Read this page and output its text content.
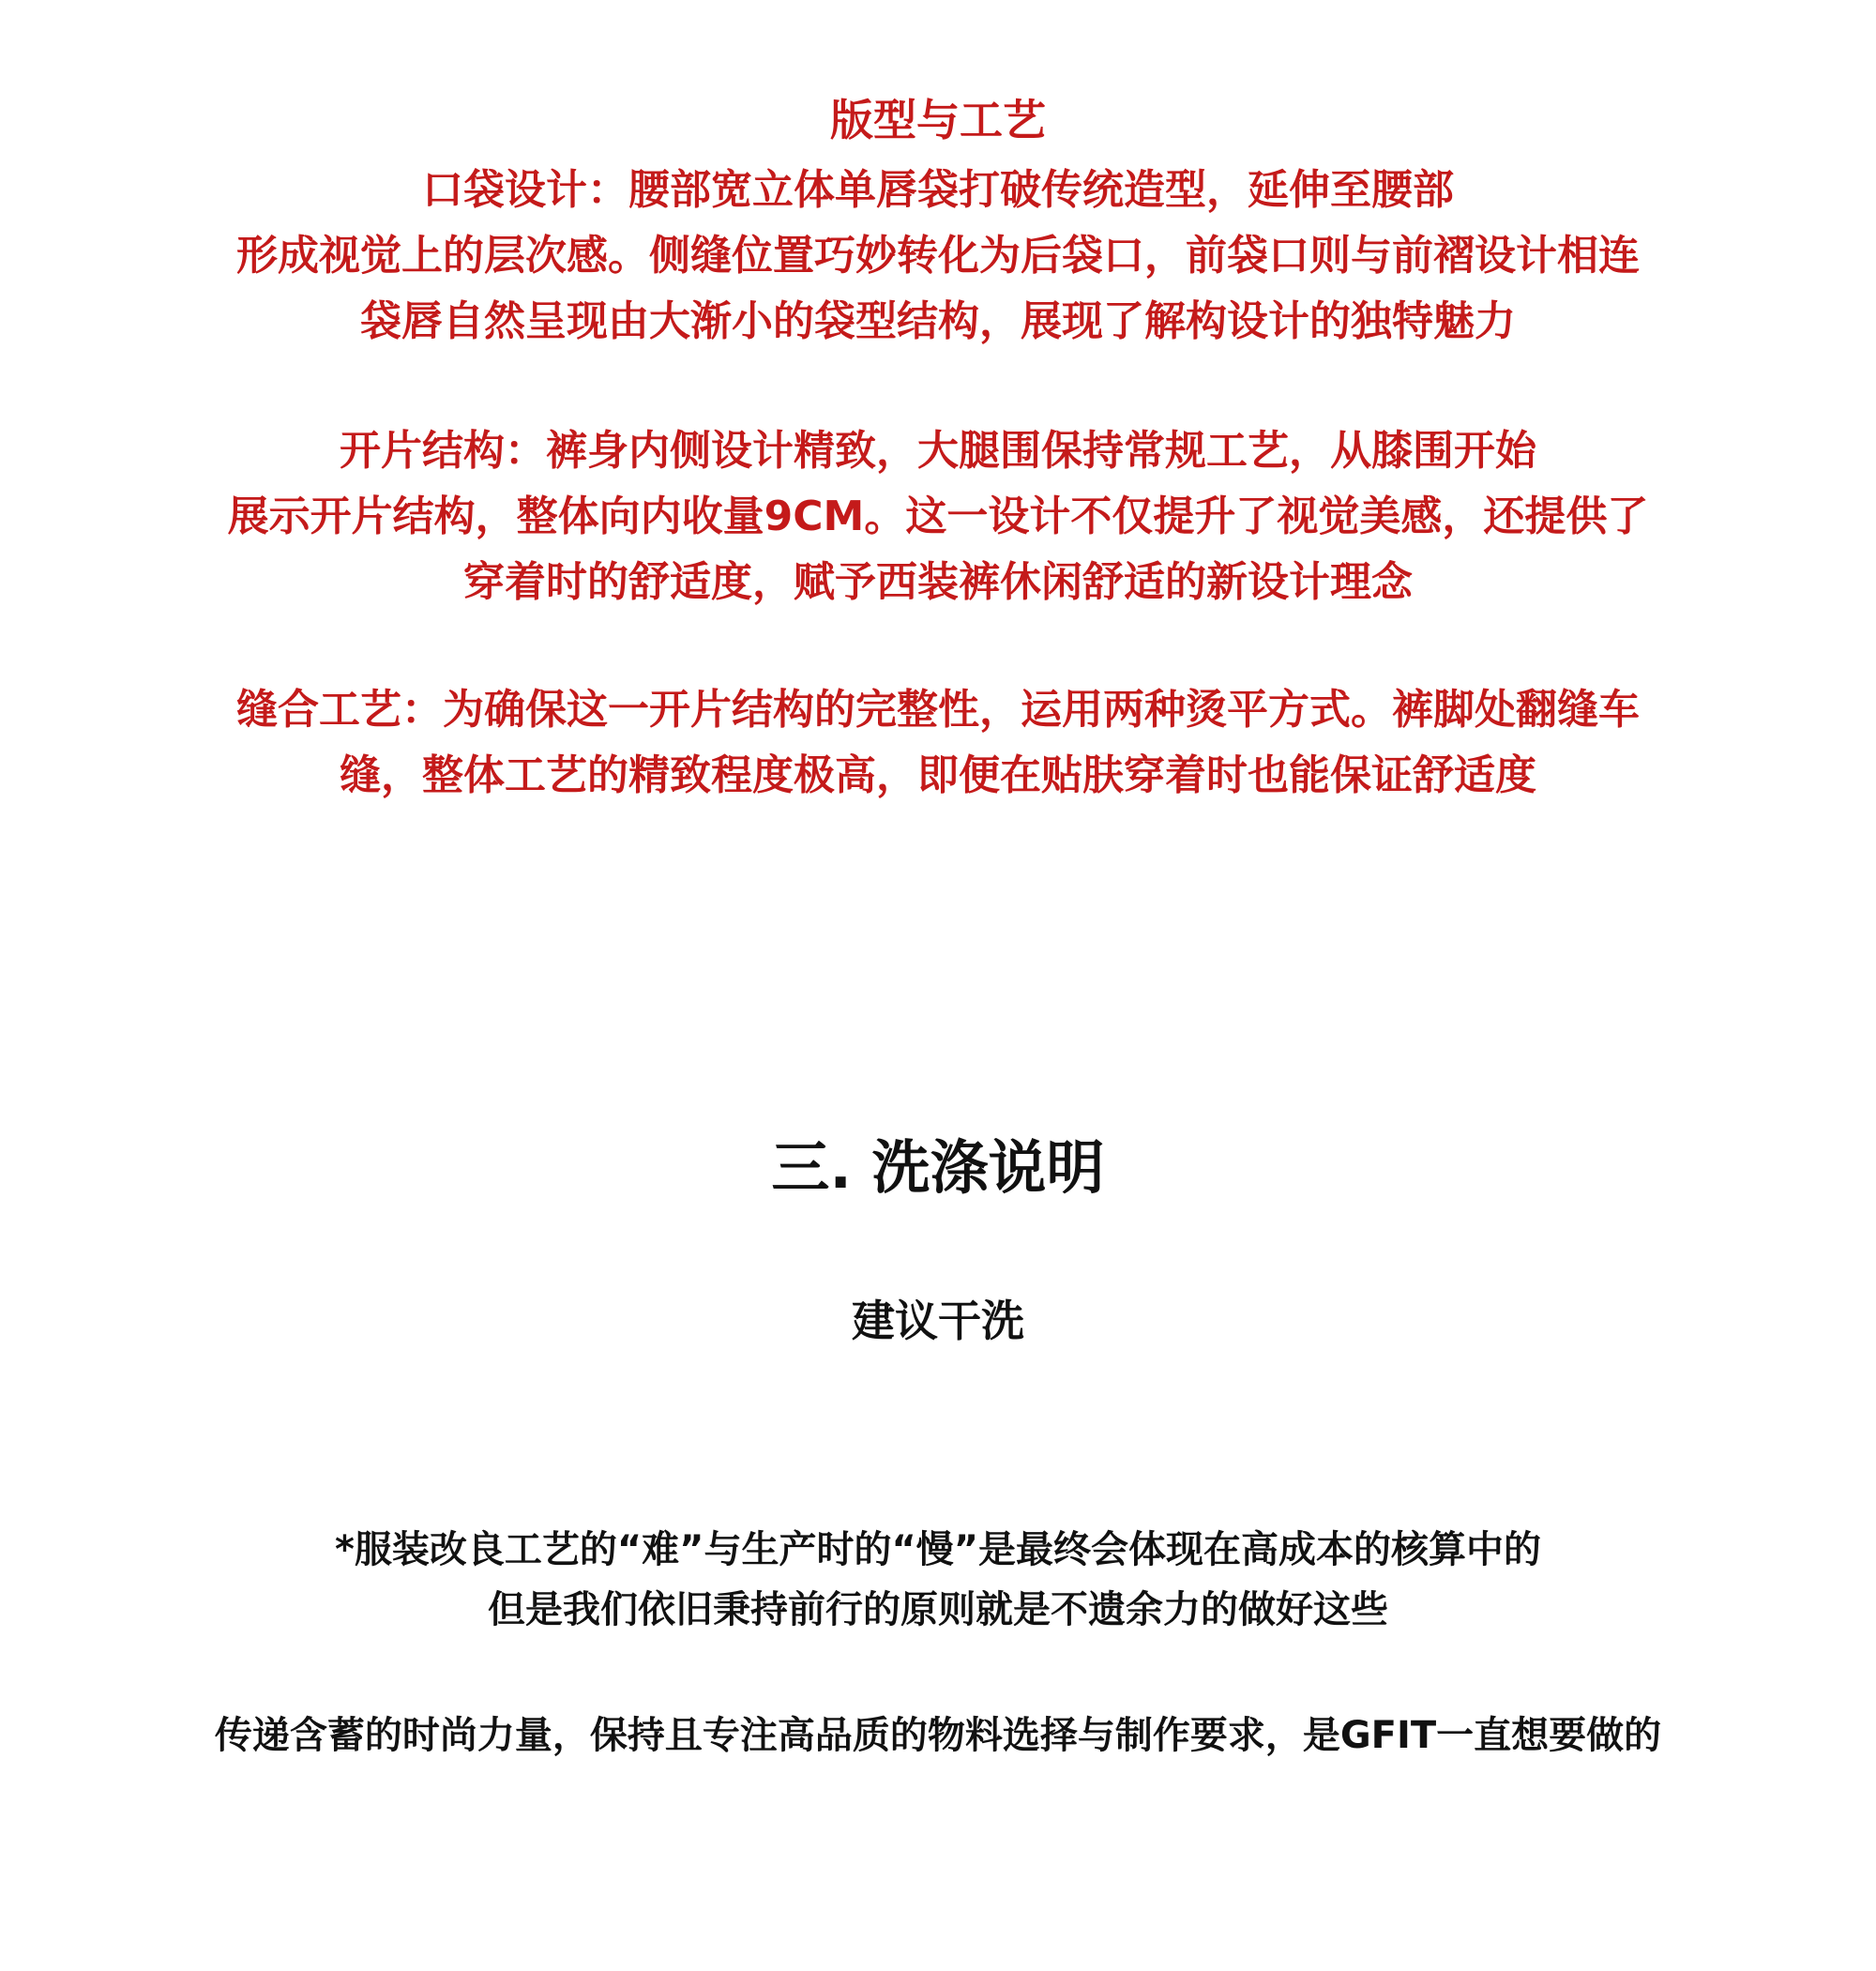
版型与工艺
口袋设计：腰部宽立体单唇袋打破传统造型，延伸至腰部
形成视觉上的层次感。侧缝位置巧妙转化为后袋口，前袋口则与前褶设计相连
袋唇自然呈现由大渐小的袋型结构，展现了解构设计的独特魅力
开片结构：裤身内侧设计精致，大腿围保持常规工艺，从膝围开始
展示开片结构，整体向内收量9CM。这一设计不仅提升了视觉美感，还提供了
穿着时的舒适度，赋予西装裤休闲舒适的新设计理念
缝合工艺：为确保这一开片结构的完整性，运用两种烫平方式。裤脚处翻缝车
缝，整体工艺的精致程度极高，即便在贴肤穿着时也能保证舒适度
三. 洗涤说明
建议干洗
*服装改良工艺的“难”与生产时的“慢”是最终会体现在高成本的核算中的
但是我们依旧秉持前行的原则就是不遗余力的做好这些
传递含蓄的时尚力量，保持且专注高品质的物料选择与制作要求，是GFIT一直想要做的
